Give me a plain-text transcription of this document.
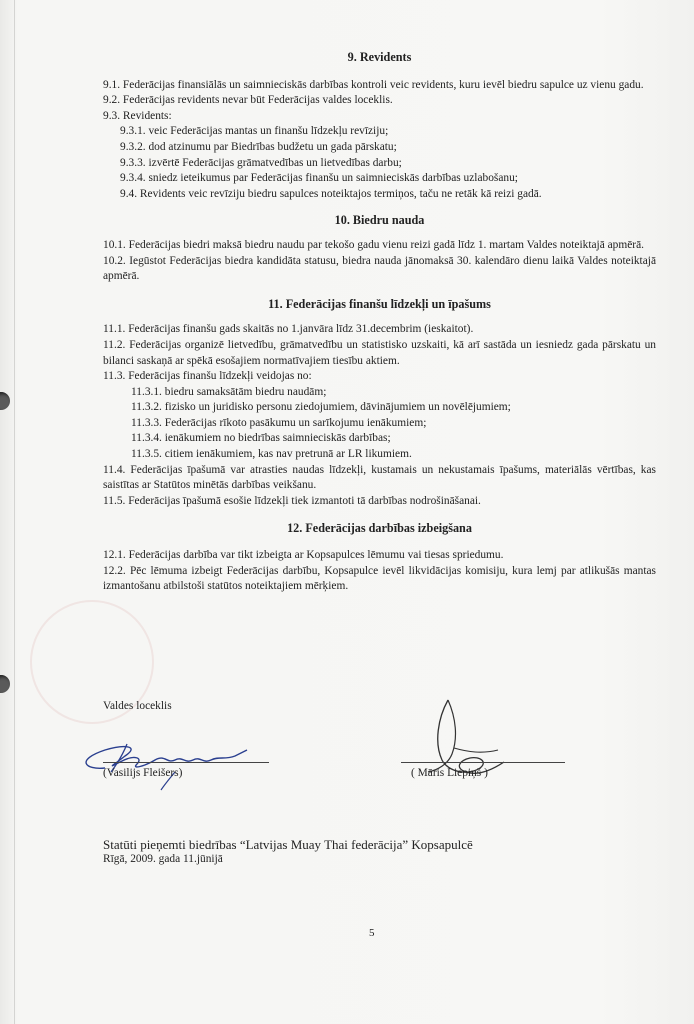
9. Revidents

9.1. Federācijas finansiālās un saimnieciskās darbības kontroli veic revidents, kuru ievēl biedru sapulce uz vienu gadu.

9.2. Federācijas revidents nevar būt Federācijas valdes loceklis.

9.3. Revidents:

9.3.1. veic Federācijas mantas un finanšu līdzekļu revīziju;

9.3.2. dod atzinumu par Biedrības budžetu un gada pārskatu;

9.3.3. izvērtē Federācijas grāmatvedības un lietvedības darbu;

9.3.4. sniedz ieteikumus par Federācijas finanšu un saimnieciskās darbības uzlabošanu;

9.4. Revidents veic revīziju biedru sapulces noteiktajos termiņos, taču ne retāk kā reizi gadā.

10. Biedru nauda

10.1. Federācijas biedri maksā biedru naudu par tekošo gadu vienu reizi gadā līdz 1. martam Valdes noteiktajā apmērā.

10.2. Iegūstot Federācijas biedra kandidāta statusu, biedra nauda jānomaksā 30. kalendāro dienu laikā Valdes noteiktajā apmērā.

11. Federācijas finanšu līdzekļi un īpašums

11.1. Federācijas finanšu gads skaitās no 1.janvāra līdz 31.decembrim (ieskaitot).

11.2. Federācijas organizē lietvedību, grāmatvedību un statistisko uzskaiti, kā arī sastāda un iesniedz gada pārskatu un bilanci saskaņā ar spēkā esošajiem normatīvajiem tiesību aktiem.

11.3. Federācijas finanšu līdzekļi veidojas no:

11.3.1. biedru samaksātām biedru naudām;

11.3.2. fizisko un juridisko personu ziedojumiem, dāvinājumiem un novēlējumiem;

11.3.3. Federācijas rīkoto pasākumu un sarīkojumu ienākumiem;

11.3.4. ienākumiem no biedrības saimnieciskās darbības;

11.3.5. citiem ienākumiem, kas nav pretrunā ar LR likumiem.

11.4. Federācijas īpašumā var atrasties naudas līdzekļi, kustamais un nekustamais īpašums, materiālās vērtības, kas saistītas ar Statūtos minētās darbības veikšanu.

11.5. Federācijas īpašumā esošie līdzekļi tiek izmantoti tā darbības nodrošināšanai.

12. Federācijas darbības izbeigšana

12.1. Federācijas darbība var tikt izbeigta ar Kopsapulces lēmumu vai tiesas spriedumu.

12.2. Pēc lēmuma izbeigt Federācijas darbību, Kopsapulce ievēl likvidācijas komisiju, kura lemj par atlikušās mantas izmantošanu atbilstoši statūtos noteiktajiem mērķiem.

Valdes loceklis

(Vasilijs Fleišers)	( Māris Liepiņš )

Statūti pieņemti biedrības “Latvijas Muay Thai federācija” Kopsapulcē

Rīgā, 2009. gada 11.jūnijā

5
